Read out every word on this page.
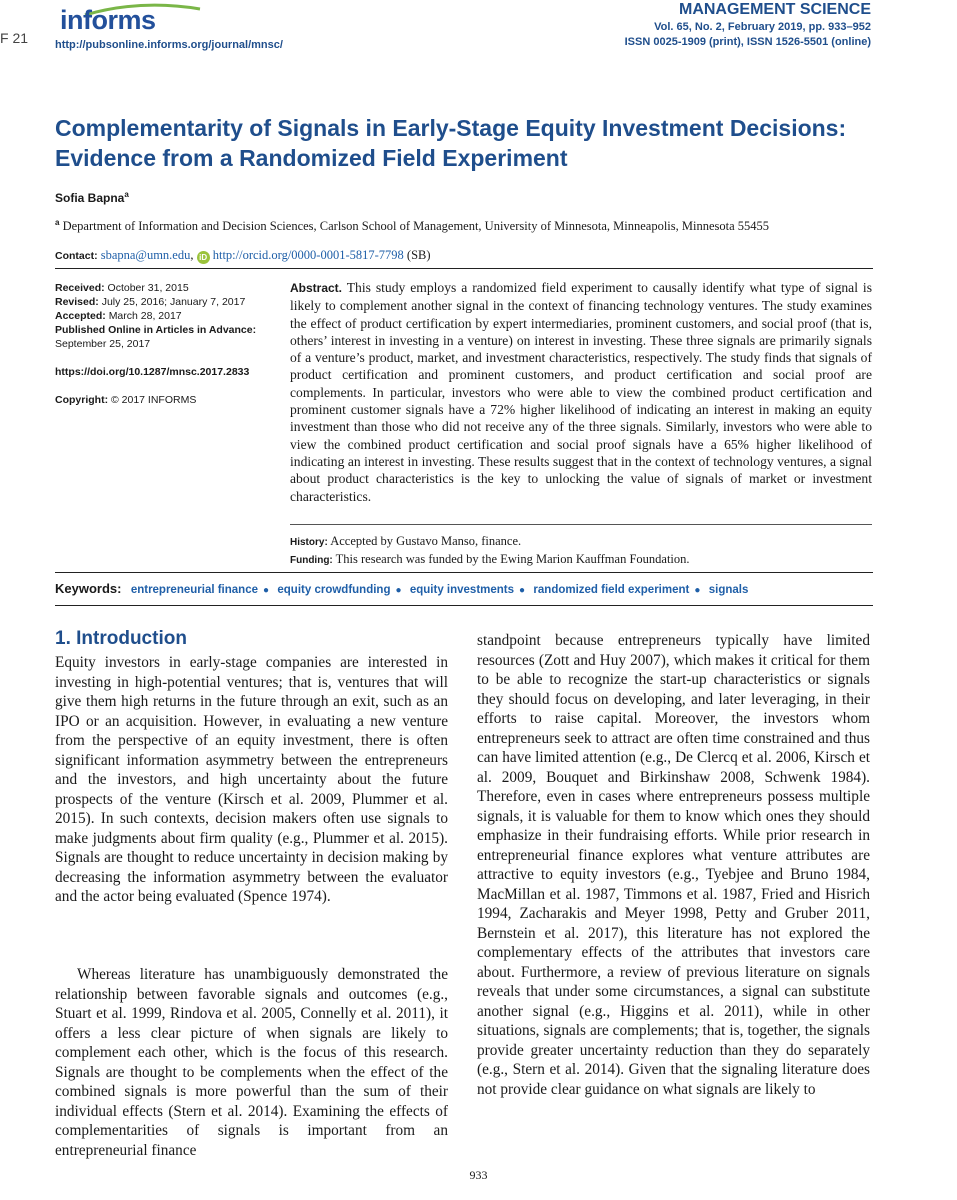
F 21
informs
http://pubsonline.informs.org/journal/mnsc/
MANAGEMENT SCIENCE
Vol. 65, No. 2, February 2019, pp. 933–952
ISSN 0025-1909 (print), ISSN 1526-5501 (online)
Complementarity of Signals in Early-Stage Equity Investment Decisions: Evidence from a Randomized Field Experiment
Sofia Bapna$^a$
$^a$ Department of Information and Decision Sciences, Carlson School of Management, University of Minnesota, Minneapolis, Minnesota 55455
Contact: sbapna@umn.edu, iD http://orcid.org/0000-0001-5817-7798 (SB)
Received: October 31, 2015
Revised: July 25, 2016; January 7, 2017
Accepted: March 28, 2017
Published Online in Articles in Advance:
September 25, 2017
https://doi.org/10.1287/mnsc.2017.2833
Copyright: © 2017 INFORMS

Abstract. This study employs a randomized field experiment to causally identify what type of signal is likely to complement another signal in the context of financing technology ventures. The study examines the effect of product certification by expert intermediaries, prominent customers, and social proof (that is, others’ interest in investing in a venture) on interest in investing. These three signals are primarily signals of a venture’s product, market, and investment characteristics, respectively. The study finds that signals of product certification and prominent customers, and product certification and social proof are complements. In particular, investors who were able to view the combined product certification and prominent customer signals have a 72% higher likelihood of indicating an interest in making an equity investment than those who did not receive any of the three signals. Similarly, investors who were able to view the combined product certification and social proof signals have a 65% higher likelihood of indicating an interest in investing. These results suggest that in the context of technology ventures, a signal about product characteristics is the key to unlocking the value of signals of market or investment characteristics.

History: Accepted by Gustavo Manso, finance.
Funding: This research was funded by the Ewing Marion Kauffman Foundation.
Keywords: entrepreneurial finance ● equity crowdfunding ● equity investments ● randomized field experiment ● signals
1. Introduction

Equity investors in early-stage companies are interested in investing in high-potential ventures; that is, ventures that will give them high returns in the future through an exit, such as an IPO or an acquisition. However, in evaluating a new venture from the perspective of an equity investment, there is often significant information asymmetry between the entrepreneurs and the investors, and high uncertainty about the future prospects of the venture (Kirsch et al. 2009, Plummer et al. 2015). In such contexts, decision makers often use signals to make judgments about firm quality (e.g., Plummer et al. 2015). Signals are thought to reduce uncertainty in decision making by decreasing the information asymmetry between the evaluator and the actor being evaluated (Spence 1974).

Whereas literature has unambiguously demonstrated the relationship between favorable signals and outcomes (e.g., Stuart et al. 1999, Rindova et al. 2005, Connelly et al. 2011), it offers a less clear picture of when signals are likely to complement each other, which is the focus of this research. Signals are thought to be complements when the effect of the combined signals is more powerful than the sum of their individual effects (Stern et al. 2014). Examining the effects of complementarities of signals is important from an entrepreneurial finance

standpoint because entrepreneurs typically have limited resources (Zott and Huy 2007), which makes it critical for them to be able to recognize the start-up characteristics or signals they should focus on developing, and later leveraging, in their efforts to raise capital. Moreover, the investors whom entrepreneurs seek to attract are often time constrained and thus can have limited attention (e.g., De Clercq et al. 2006, Kirsch et al. 2009, Bouquet and Birkinshaw 2008, Schwenk 1984). Therefore, even in cases where entrepreneurs possess multiple signals, it is valuable for them to know which ones they should emphasize in their fundraising efforts. While prior research in entrepreneurial finance explores what venture attributes are attractive to equity investors (e.g., Tyebjee and Bruno 1984, MacMillan et al. 1987, Timmons et al. 1987, Fried and Hisrich 1994, Zacharakis and Meyer 1998, Petty and Gruber 2011, Bernstein et al. 2017), this literature has not explored the complementary effects of the attributes that investors care about. Furthermore, a review of previous literature on signals reveals that under some circumstances, a signal can substitute another signal (e.g., Higgins et al. 2011), while in other situations, signals are complements; that is, together, the signals provide greater uncertainty reduction than they do separately (e.g., Stern et al. 2014). Given that the signaling literature does not provide clear guidance on what signals are likely to

933
